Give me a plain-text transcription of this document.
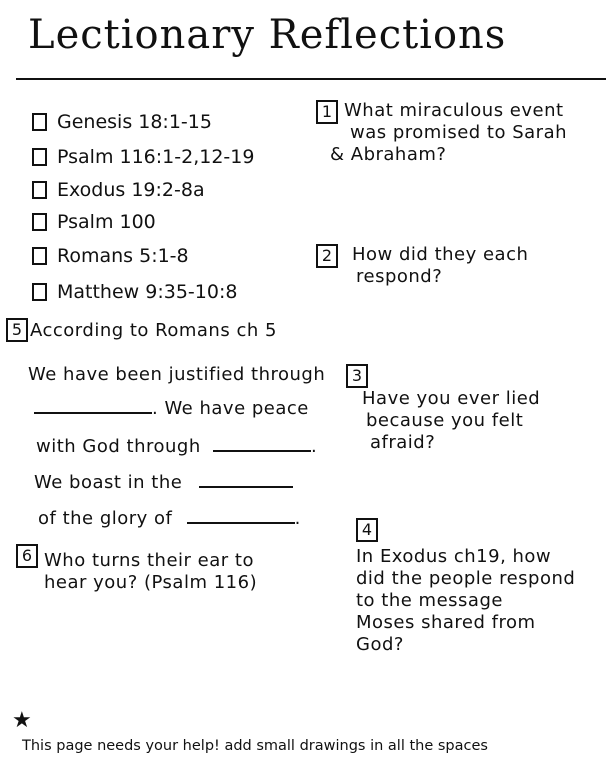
Lectionary Reflections
Genesis 18:1-15
Psalm 116:1-2,12-19
Exodus 19:2-8a
Psalm 100
Romans 5:1-8
Matthew 9:35-10:8
1 What miraculous event
was promised to Sarah
& Abraham?
2	How did they each
respond?
5 According to Romans ch 5
We have been justified through
. We have peace
with God through	.
We boast in the
of the glory of	.
3
Have you ever lied
because you felt
afraid?
4
In Exodus ch19, how
did the people respond
to the message
Moses shared from
God?
6 Who turns their ear to
hear you? (Psalm 116)
★
This page needs your help! add small drawings in all the spaces
